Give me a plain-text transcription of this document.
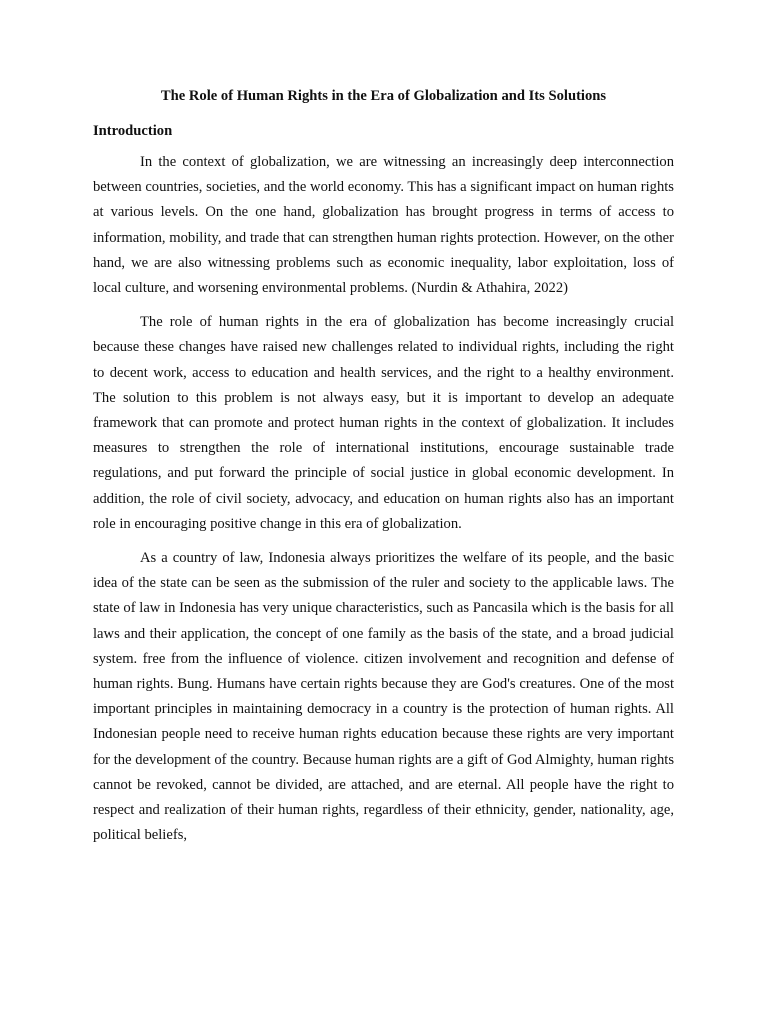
The Role of Human Rights in the Era of Globalization and Its Solutions
Introduction

In the context of globalization, we are witnessing an increasingly deep interconnection between countries, societies, and the world economy. This has a significant impact on human rights at various levels. On the one hand, globalization has brought progress in terms of access to information, mobility, and trade that can strengthen human rights protection. However, on the other hand, we are also witnessing problems such as economic inequality, labor exploitation, loss of local culture, and worsening environmental problems. (Nurdin & Athahira, 2022)

The role of human rights in the era of globalization has become increasingly crucial because these changes have raised new challenges related to individual rights, including the right to decent work, access to education and health services, and the right to a healthy environment. The solution to this problem is not always easy, but it is important to develop an adequate framework that can promote and protect human rights in the context of globalization. It includes measures to strengthen the role of international institutions, encourage sustainable trade regulations, and put forward the principle of social justice in global economic development. In addition, the role of civil society, advocacy, and education on human rights also has an important role in encouraging positive change in this era of globalization.

As a country of law, Indonesia always prioritizes the welfare of its people, and the basic idea of the state can be seen as the submission of the ruler and society to the applicable laws. The state of law in Indonesia has very unique characteristics, such as Pancasila which is the basis for all laws and their application, the concept of one family as the basis of the state, and a broad judicial system. free from the influence of violence. citizen involvement and recognition and defense of human rights. Bung. Humans have certain rights because they are God's creatures. One of the most important principles in maintaining democracy in a country is the protection of human rights. All Indonesian people need to receive human rights education because these rights are very important for the development of the country. Because human rights are a gift of God Almighty, human rights cannot be revoked, cannot be divided, are attached, and are eternal. All people have the right to respect and realization of their human rights, regardless of their ethnicity, gender, nationality, age, political beliefs,
